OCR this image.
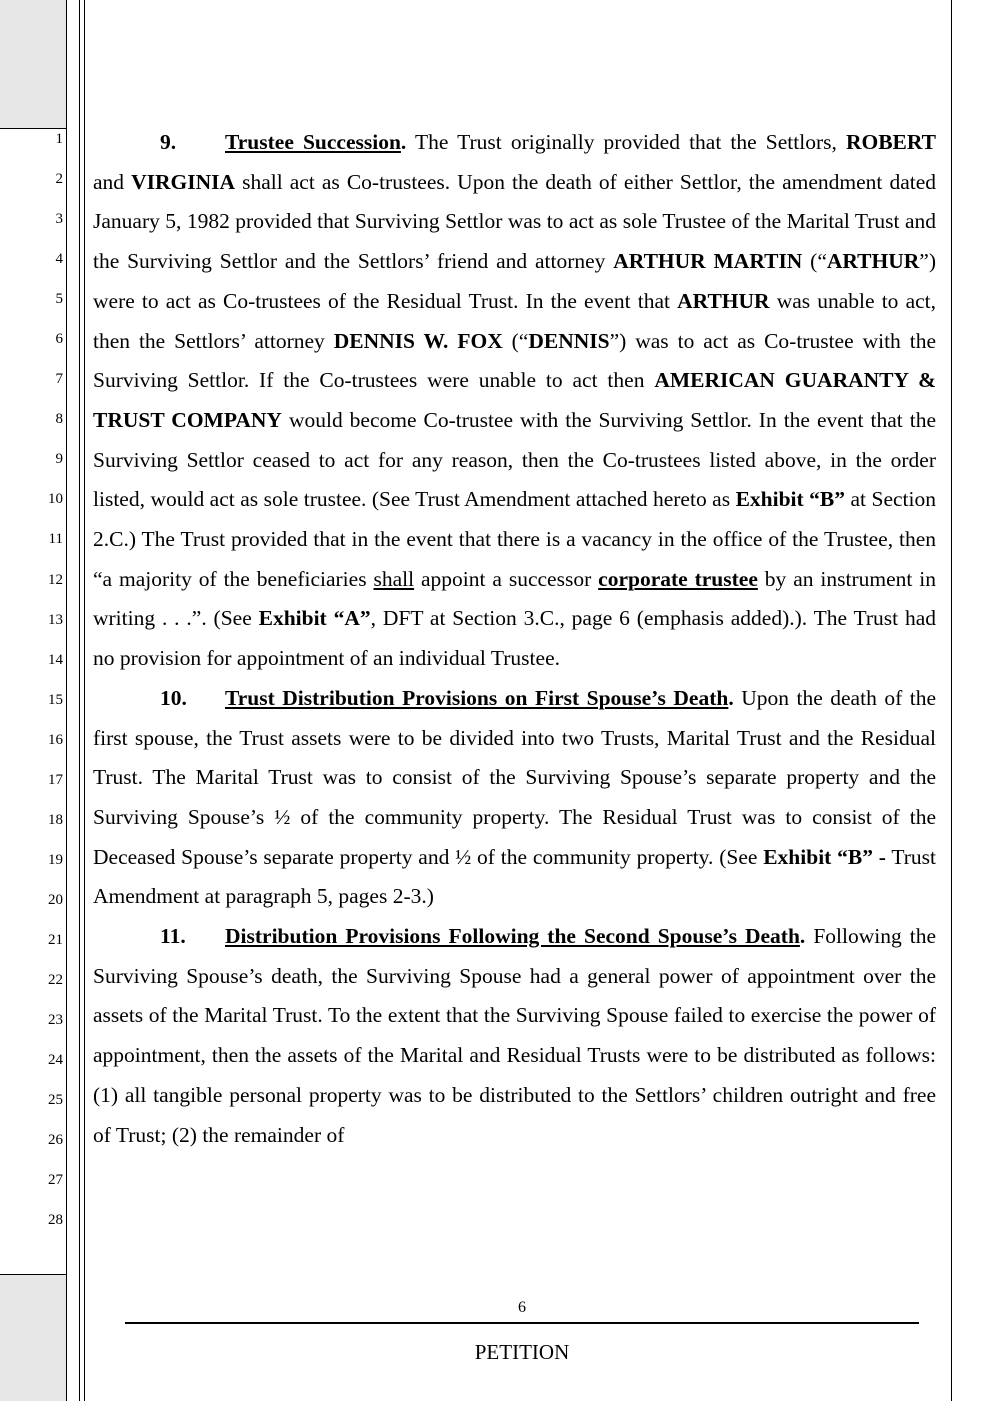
1
2
3
4
5
6
7
8
9
10
11
12
13
14
15
16
17
18
19
20
21
22
23
24
25
26
27
28

9. Trustee Succession. The Trust originally provided that the Settlors, ROBERT and VIRGINIA shall act as Co-trustees. Upon the death of either Settlor, the amendment dated January 5, 1982 provided that Surviving Settlor was to act as sole Trustee of the Marital Trust and the Surviving Settlor and the Settlors’ friend and attorney ARTHUR MARTIN (“ARTHUR”) were to act as Co-trustees of the Residual Trust. In the event that ARTHUR was unable to act, then the Settlors’ attorney DENNIS W. FOX (“DENNIS”) was to act as Co-trustee with the Surviving Settlor. If the Co-trustees were unable to act then AMERICAN GUARANTY & TRUST COMPANY would become Co-trustee with the Surviving Settlor. In the event that the Surviving Settlor ceased to act for any reason, then the Co-trustees listed above, in the order listed, would act as sole trustee. (See Trust Amendment attached hereto as Exhibit “B” at Section 2.C.) The Trust provided that in the event that there is a vacancy in the office of the Trustee, then “a majority of the beneficiaries shall appoint a successor corporate trustee by an instrument in writing . . .”. (See Exhibit “A”, DFT at Section 3.C., page 6 (emphasis added).). The Trust had no provision for appointment of an individual Trustee.

10. Trust Distribution Provisions on First Spouse’s Death. Upon the death of the first spouse, the Trust assets were to be divided into two Trusts, Marital Trust and the Residual Trust. The Marital Trust was to consist of the Surviving Spouse’s separate property and the Surviving Spouse’s ½ of the community property. The Residual Trust was to consist of the Deceased Spouse’s separate property and ½ of the community property. (See Exhibit “B” - Trust Amendment at paragraph 5, pages 2-3.)

11. Distribution Provisions Following the Second Spouse’s Death. Following the Surviving Spouse’s death, the Surviving Spouse had a general power of appointment over the assets of the Marital Trust. To the extent that the Surviving Spouse failed to exercise the power of appointment, then the assets of the Marital and Residual Trusts were to be distributed as follows: (1) all tangible personal property was to be distributed to the Settlors’ children outright and free of Trust; (2) the remainder of

6
PETITION
